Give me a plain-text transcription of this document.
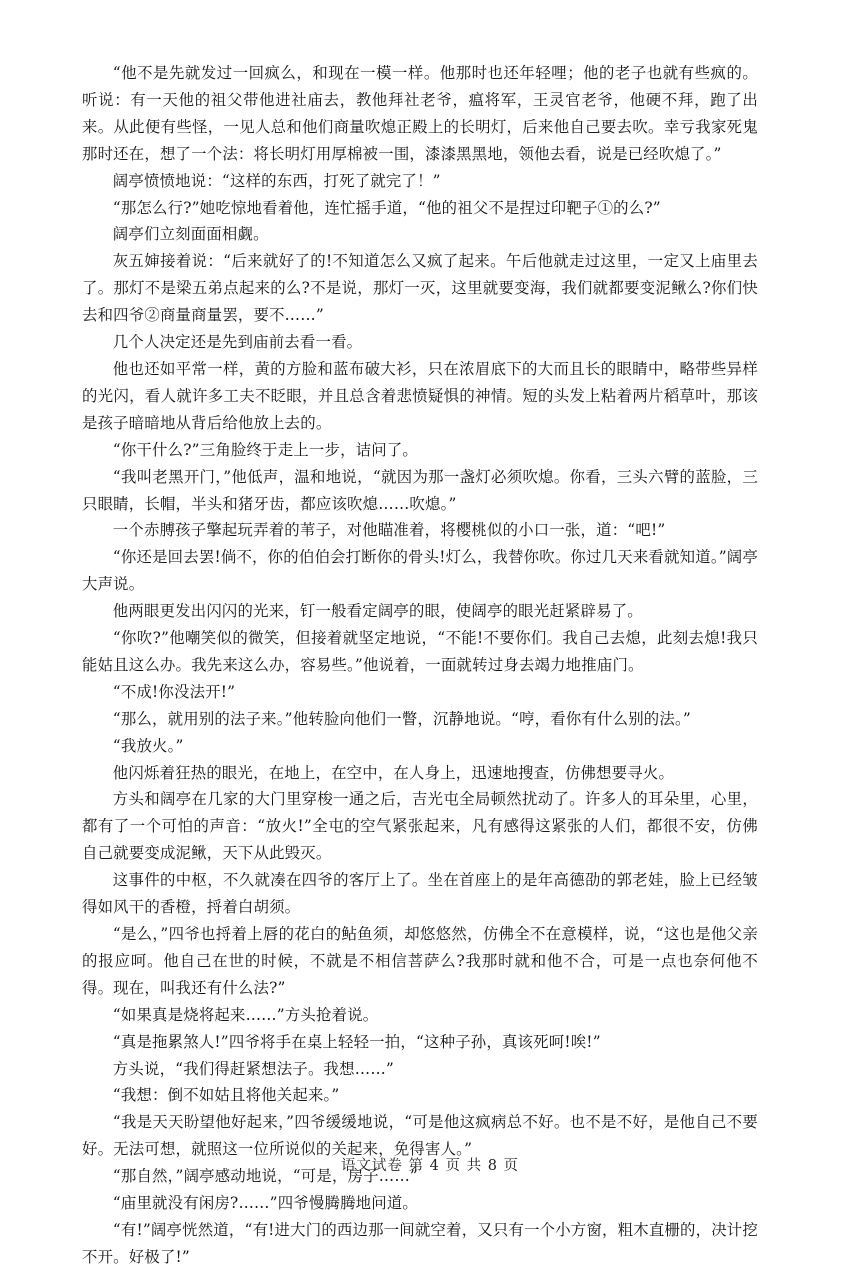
“他不是先就发过一回疯么，和现在一模一样。他那时也还年轻哩；他的老子也就有些疯的。听说：有一天他的祖父带他进社庙去，教他拜社老爷，瘟将军，王灵官老爷，他硬不拜，跑了出来。从此便有些怪，一见人总和他们商量吹熄正殿上的长明灯，后来他自己要去吹。幸亏我家死鬼那时还在，想了一个法：将长明灯用厚棉被一围，漆漆黑黑地，领他去看，说是已经吹熄了。”

阔亭愤愤地说：“这样的东西，打死了就完了！”

“那怎么行?”她吃惊地看着他，连忙摇手道，“他的祖父不是捏过印靶子①的么?”

阔亭们立刻面面相觑。

灰五婶接着说：“后来就好了的!不知道怎么又疯了起来。午后他就走过这里，一定又上庙里去了。那灯不是梁五弟点起来的么?不是说，那灯一灭，这里就要变海，我们就都要变泥鳅么?你们快去和四爷②商量商量罢，要不……”

几个人决定还是先到庙前去看一看。

他也还如平常一样，黄的方脸和蓝布破大衫，只在浓眉底下的大而且长的眼睛中，略带些异样的光闪，看人就许多工夫不眨眼，并且总含着悲愤疑惧的神情。短的头发上粘着两片稻草叶，那该是孩子暗暗地从背后给他放上去的。

“你干什么?”三角脸终于走上一步，诘问了。

“我叫老黑开门，”他低声，温和地说，“就因为那一盏灯必须吹熄。你看，三头六臂的蓝脸，三只眼睛，长帽，半头和猪牙齿，都应该吹熄……吹熄。”

一个赤膊孩子擎起玩弄着的苇子，对他瞄准着，将樱桃似的小口一张，道：“吧!”

“你还是回去罢!倘不，你的伯伯会打断你的骨头!灯么，我替你吹。你过几天来看就知道。”阔亭大声说。

他两眼更发出闪闪的光来，钉一般看定阔亭的眼，使阔亭的眼光赶紧辟易了。

“你吹?”他嘲笑似的微笑，但接着就坚定地说，“不能!不要你们。我自己去熄，此刻去熄!我只能姑且这么办。我先来这么办，容易些。”他说着，一面就转过身去竭力地推庙门。

“不成!你没法开!”

“那么，就用别的法子来。”他转脸向他们一瞥，沉静地说。“哼，看你有什么别的法。”

“我放火。”

他闪烁着狂热的眼光，在地上，在空中，在人身上，迅速地搜查，仿佛想要寻火。

方头和阔亭在几家的大门里穿梭一通之后，吉光屯全局顿然扰动了。许多人的耳朵里，心里，都有了一个可怕的声音：“放火!”全屯的空气紧张起来，凡有感得这紧张的人们，都很不安，仿佛自己就要变成泥鳅，天下从此毁灭。

这事件的中枢，不久就凑在四爷的客厅上了。坐在首座上的是年高德劭的郭老娃，脸上已经皱得如风干的香橙，捋着白胡须。

“是么，”四爷也捋着上唇的花白的鲇鱼须，却悠悠然，仿佛全不在意模样，说，“这也是他父亲的报应呵。他自己在世的时候，不就是不相信菩萨么?我那时就和他不合，可是一点也奈何他不得。现在，叫我还有什么法?”

“如果真是烧将起来……”方头抢着说。

“真是拖累煞人!”四爷将手在桌上轻轻一拍，“这种子孙，真该死呵!唉!”

方头说，“我们得赶紧想法子。我想……”

“我想：倒不如姑且将他关起来。”

“我是天天盼望他好起来，”四爷缓缓地说，“可是他这疯病总不好。也不是不好，是他自己不要好。无法可想，就照这一位所说似的关起来，免得害人。”

“那自然，”阔亭感动地说，“可是，房子……”

“庙里就没有闲房?……”四爷慢腾腾地问道。

“有!”阔亭恍然道，“有!进大门的西边那一间就空着，又只有一个小方窗，粗木直栅的，决计挖不开。好极了!”

语文试卷 第 4 页 共 8 页
